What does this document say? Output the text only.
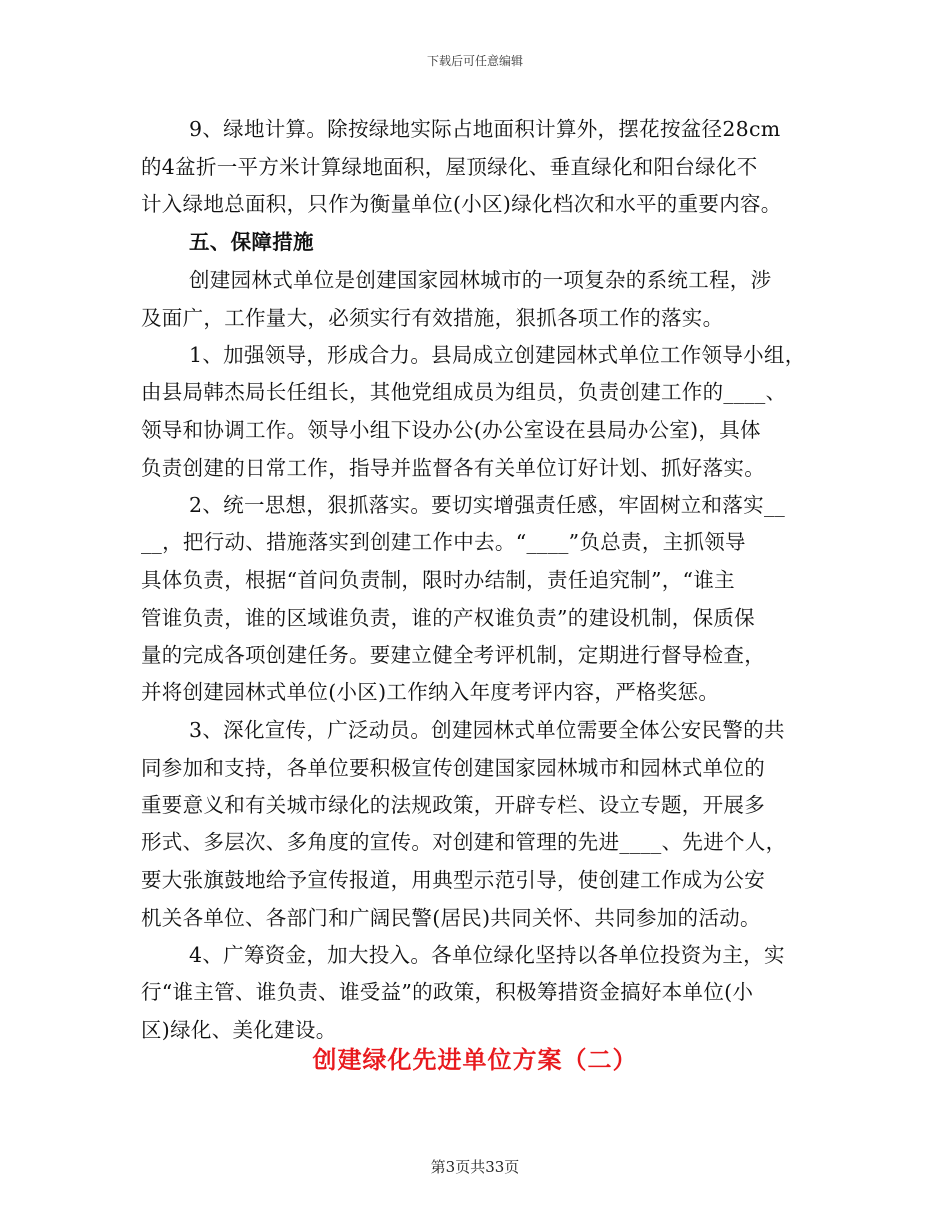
下载后可任意编辑
9、绿地计算。除按绿地实际占地面积计算外，摆花按盆径28cm
的4盆折一平方米计算绿地面积，屋顶绿化、垂直绿化和阳台绿化不
计入绿地总面积，只作为衡量单位(小区)绿化档次和水平的重要内容。
五、保障措施
创建园林式单位是创建国家园林城市的一项复杂的系统工程，涉
及面广，工作量大，必须实行有效措施，狠抓各项工作的落实。
1、加强领导，形成合力。县局成立创建园林式单位工作领导小组，
由县局韩杰局长任组长，其他党组成员为组员，负责创建工作的____、
领导和协调工作。领导小组下设办公(办公室设在县局办公室)，具体
负责创建的日常工作，指导并监督各有关单位订好计划、抓好落实。
2、统一思想，狠抓落实。要切实增强责任感，牢固树立和落实__
__，把行动、措施落实到创建工作中去。“____”负总责，主抓领导
具体负责，根据“首问负责制，限时办结制，责任追究制”，“谁主
管谁负责，谁的区域谁负责，谁的产权谁负责”的建设机制，保质保
量的完成各项创建任务。要建立健全考评机制，定期进行督导检查，
并将创建园林式单位(小区)工作纳入年度考评内容，严格奖惩。
3、深化宣传，广泛动员。创建园林式单位需要全体公安民警的共
同参加和支持，各单位要积极宣传创建国家园林城市和园林式单位的
重要意义和有关城市绿化的法规政策，开辟专栏、设立专题，开展多
形式、多层次、多角度的宣传。对创建和管理的先进____、先进个人，
要大张旗鼓地给予宣传报道，用典型示范引导，使创建工作成为公安
机关各单位、各部门和广阔民警(居民)共同关怀、共同参加的活动。
4、广筹资金，加大投入。各单位绿化坚持以各单位投资为主，实
行“谁主管、谁负责、谁受益”的政策，积极筹措资金搞好本单位(小
区)绿化、美化建设。
创建绿化先进单位方案（二）
第3页共33页
